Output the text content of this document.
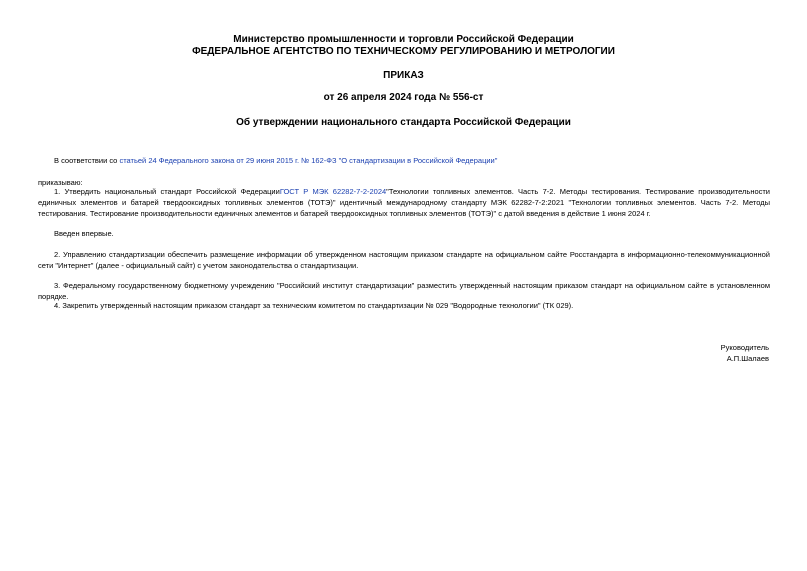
Министерство промышленности и торговли Российской Федерации
ФЕДЕРАЛЬНОЕ АГЕНТСТВО ПО ТЕХНИЧЕСКОМУ РЕГУЛИРОВАНИЮ И МЕТРОЛОГИИ
ПРИКАЗ
от 26 апреля 2024 года № 556-ст
Об утверждении национального стандарта Российской Федерации
В соответствии со статьей 24 Федерального закона от 29 июня 2015 г. № 162-ФЗ "О стандартизации в Российской Федерации"
приказываю:
1. Утвердить национальный стандарт Российской ФедерацииГОСТ Р МЭК 62282-7-2-2024"Технологии топливных элементов. Часть 7-2. Методы тестирования. Тестирование производительности единичных элементов и батарей твердооксидных топливных элементов (ТОТЭ)" идентичный международному стандарту МЭК 62282-7-2:2021 "Технологии топливных элементов. Часть 7-2. Методы тестирования. Тестирование производительности единичных элементов и батарей твердооксидных топливных элементов (ТОТЭ)" с датой введения в действие 1 июня 2024 г.
Введен впервые.
2. Управлению стандартизации обеспечить размещение информации об утвержденном настоящим приказом стандарте на официальном сайте Росстандарта в информационно-телекоммуникационной сети "Интернет" (далее - официальный сайт) с учетом законодательства о стандартизации.
3. Федеральному государственному бюджетному учреждению "Российский институт стандартизации" разместить утвержденный настоящим приказом стандарт на официальном сайте в установленном порядке.
4. Закрепить утвержденный настоящим приказом стандарт за техническим комитетом по стандартизации № 029 "Водородные технологии" (ТК 029).
Руководитель
А.П.Шалаев
